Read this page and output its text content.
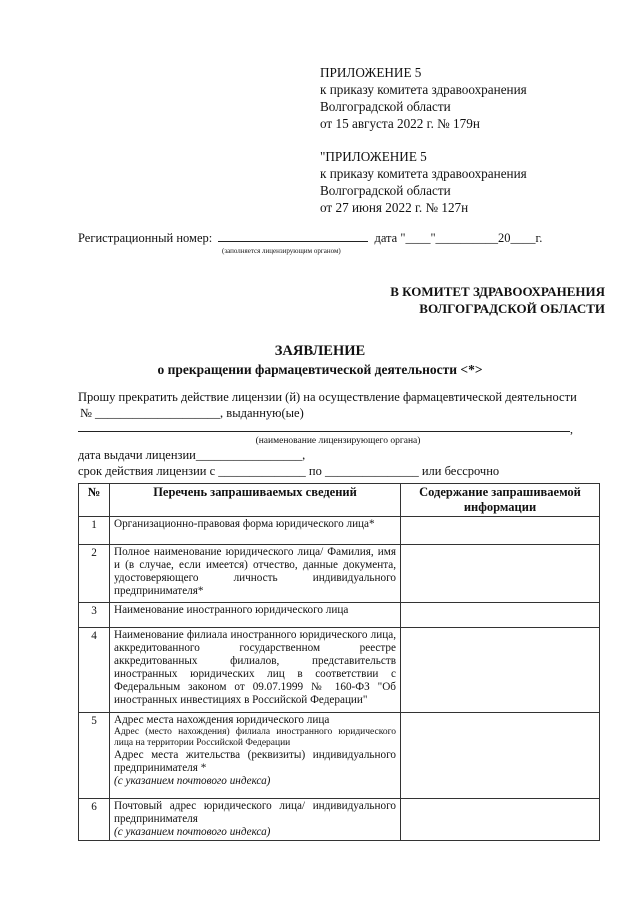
ПРИЛОЖЕНИЕ 5
к приказу комитета здравоохранения
Волгоградской области
от 15 августа 2022 г. № 179н
"ПРИЛОЖЕНИЕ 5
к приказу комитета здравоохранения
Волгоградской области
от 27 июня 2022 г. № 127н
Регистрационный номер:	дата "____"__________20____г.
(заполняется лицензирующим органом)
В КОМИТЕТ ЗДРАВООХРАНЕНИЯ
ВОЛГОГРАДСКОЙ ОБЛАСТИ
ЗАЯВЛЕНИЕ
о прекращении фармацевтической деятельности <*>
Прошу прекратить действие лицензии (й) на осуществление фармацевтической деятельности
№ ____________________, выданную(ые)
,
(наименование лицензирующего органа)
дата выдачи лицензии_________________,
срок действия лицензии с ______________ по _______________ или бессрочно
№	Перечень запрашиваемых сведений	Содержание запрашиваемой информации
1	Организационно-правовая форма юридического лица*	
2	Полное наименование юридического лица/ Фамилия, имя и (в случае, если имеется) отчество, данные документа, удостоверяющего личность индивидуального предпринимателя*	
3	Наименование иностранного юридического лица	
4	Наименование филиала иностранного юридического лица, аккредитованного государственном реестре аккредитованных филиалов, представительств иностранных юридических лиц в соответствии с Федеральным законом от 09.07.1999 № 160-ФЗ "Об иностранных инвестициях в Российской Федерации"	
5	Адрес места нахождения юридического лица
Адрес (место нахождения) филиала иностранного юридического лица на территории Российской Федерации
Адрес места жительства (реквизиты) индивидуального предпринимателя *
(с указанием почтового индекса)	

6	Почтовый адрес юридического лица/ индивидуального предпринимателя
(с указанием почтового индекса)	
